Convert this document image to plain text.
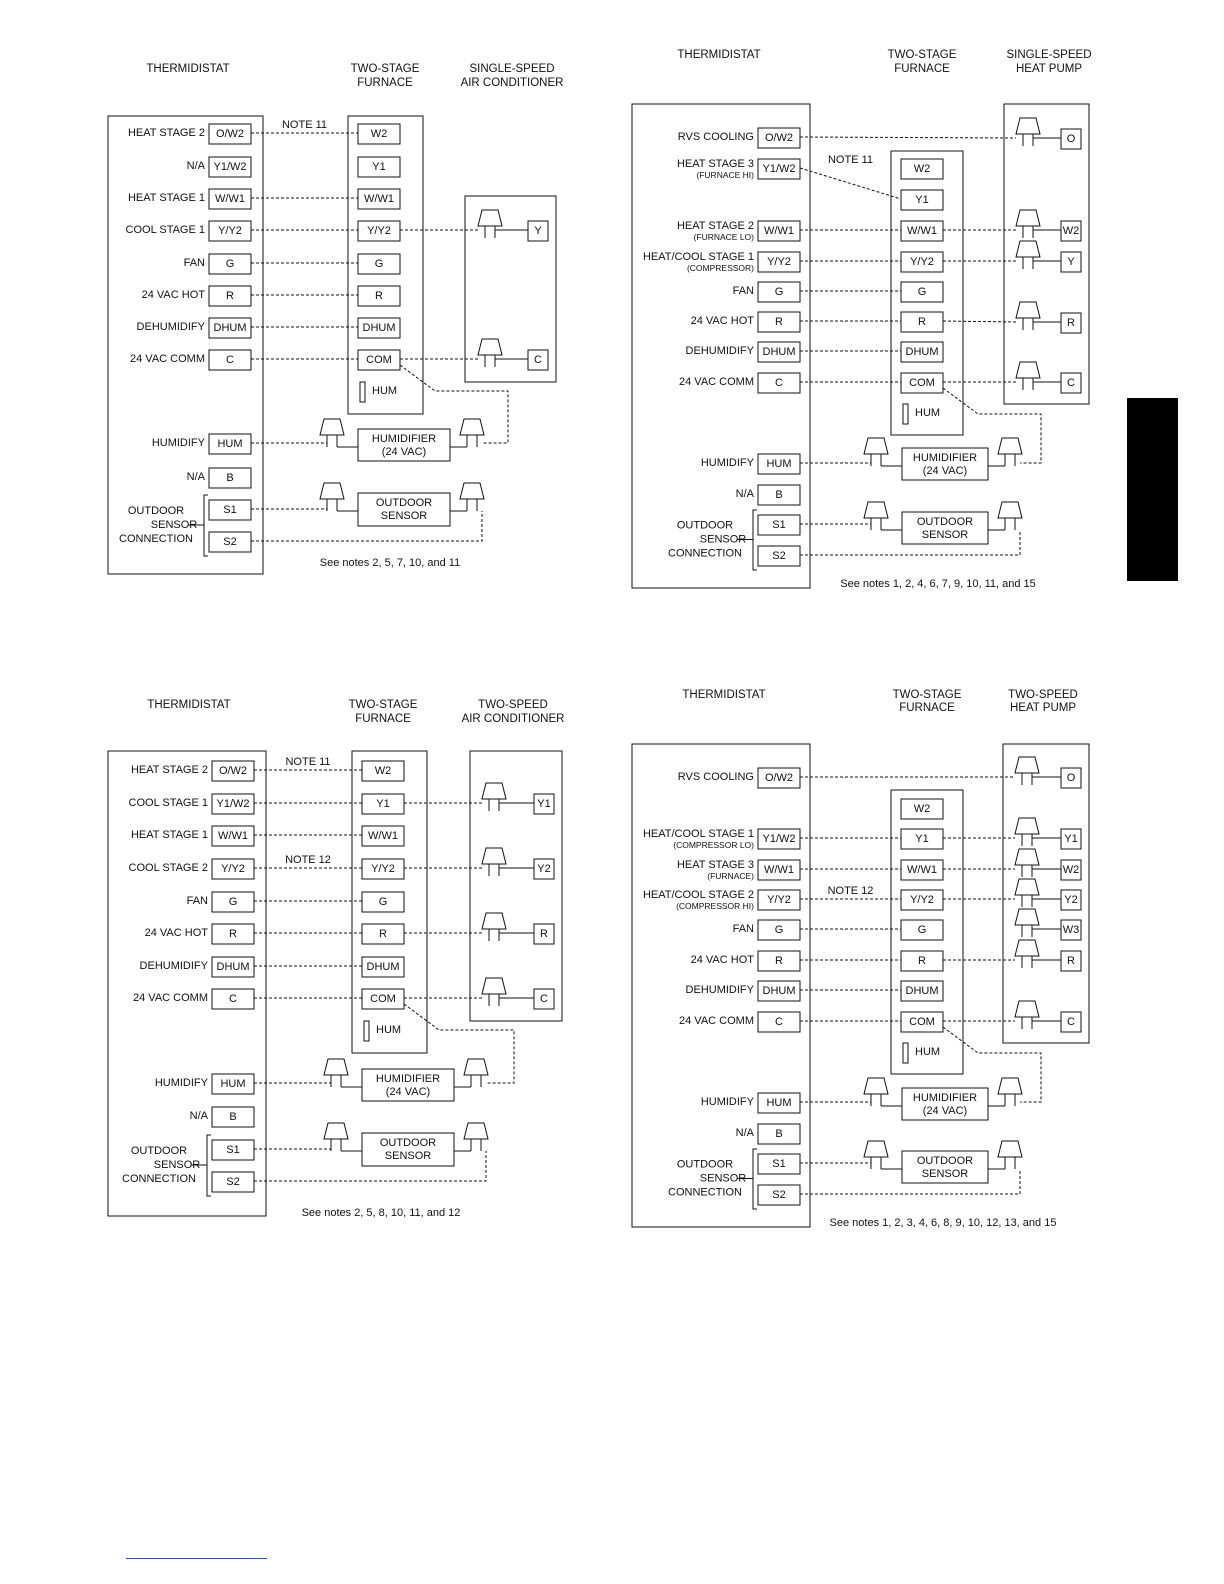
THERMIDISTAT	TWO-STAGE
FURNACE
SINGLE-SPEED
AIR CONDITIONER
HEAT STAGE 2 O/W2
N/A Y1/W2
HEAT STAGE 1 W/W1
COOL STAGE 1 Y/Y2
FAN G
24 VAC HOT R
DEHUMIDIFY DHUM
24 VAC COMM C
W2
Y1
W/W1
Y/Y2
G
R
DHUM
COM
HUM
NOTE 11
Y
C
HUMIDIFY HUM
N/A B
S1
S2
OUTDOOR
SENSOR
CONNECTION
HUMIDIFIER
(24 VAC)
OUTDOOR
SENSOR
See notes 2, 5, 7, 10, and 11
THERMIDISTAT	TWO-STAGE
FURNACE
SINGLE-SPEED
HEAT PUMP
RVS COOLING O/W2
HEAT STAGE 3
(FURNACE HI) Y1/W2
HEAT STAGE 2
(FURNACE LO) W/W1
HEAT/COOL STAGE 1
(COMPRESSOR) Y/Y2
FAN G
24 VAC HOT R
DEHUMIDIFY DHUM
24 VAC COMM C
W2
Y1
W/W1
Y/Y2
G
R
DHUM
COM
HUM
NOTE 11
O
W2
Y
R
C
HUMIDIFY HUM
N/A B
S1
S2
OUTDOOR
SENSOR
CONNECTION
HUMIDIFIER
(24 VAC)
OUTDOOR
SENSOR
See notes 1, 2, 4, 6, 7, 9, 10, 11, and 15
THERMIDISTAT	TWO-STAGE
FURNACE
TWO-SPEED
AIR CONDITIONER
HEAT STAGE 2 O/W2
COOL STAGE 1 Y1/W2
HEAT STAGE 1 W/W1
COOL STAGE 2 Y/Y2
FAN G
24 VAC HOT R
DEHUMIDIFY DHUM
24 VAC COMM C
W2
Y1
W/W1
Y/Y2
G
R
DHUM
COM
HUM
NOTE 11
NOTE 12
Y1
Y2
R
C
HUMIDIFY HUM
N/A B
S1
S2
OUTDOOR
SENSOR
CONNECTION
HUMIDIFIER
(24 VAC)
OUTDOOR
SENSOR
See notes 2, 5, 8, 10, 11, and 12
THERMIDISTAT	TWO-STAGE
FURNACE
TWO-SPEED
HEAT PUMP
RVS COOLING O/W2
HEAT/COOL STAGE 1
(COMPRESSOR LO) Y1/W2
HEAT STAGE 3
(FURNACE) W/W1
HEAT/COOL STAGE 2
(COMPRESSOR HI) Y/Y2
FAN G
24 VAC HOT R
DEHUMIDIFY DHUM
24 VAC COMM C
W2
Y1
W/W1
Y/Y2
G
R
DHUM
COM
HUM
NOTE 12
O
Y1
W2
Y2
W3
R
C
HUMIDIFY HUM
N/A B
S1
S2
OUTDOOR
SENSOR
CONNECTION
HUMIDIFIER
(24 VAC)
OUTDOOR
SENSOR
See notes 1, 2, 3, 4, 6, 8, 9, 10, 12, 13, and 15
